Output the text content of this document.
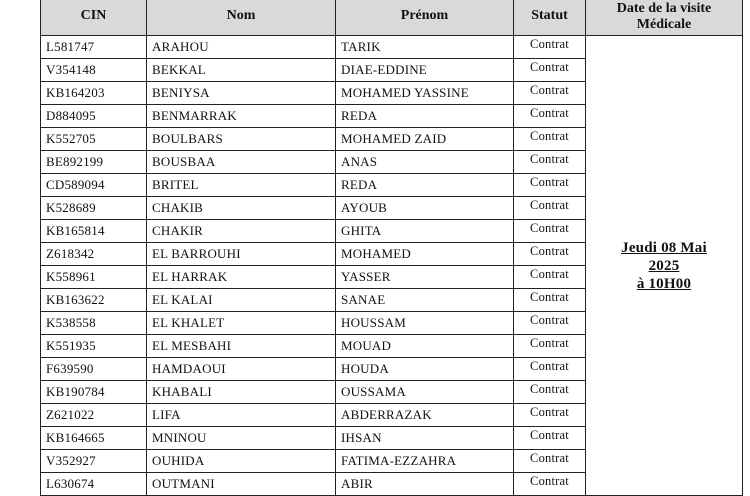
CIN	Nom	Prénom	Statut	Date de la visite
Médicale

L581747	ARAHOU	TARIK	Contrat	Jeudi 08 Mai
2025
à 10H00

V354148	BEKKAL	DIAE-EDDINE	Contrat	
KB164203	BENIYSA	MOHAMED YASSINE	Contrat	
D884095	BENMARRAK	REDA	Contrat	
K552705	BOULBARS	MOHAMED ZAID	Contrat	
BE892199	BOUSBAA	ANAS	Contrat	
CD589094	BRITEL	REDA	Contrat	
K528689	CHAKIB	AYOUB	Contrat	
KB165814	CHAKIR	GHITA	Contrat	
Z618342	EL BARROUHI	MOHAMED	Contrat	
K558961	EL HARRAK	YASSER	Contrat	
KB163622	EL KALAI	SANAE	Contrat	
K538558	EL KHALET	HOUSSAM	Contrat	
K551935	EL MESBAHI	MOUAD	Contrat	
F639590	HAMDAOUI	HOUDA	Contrat	
KB190784	KHABALI	OUSSAMA	Contrat	
Z621022	LIFA	ABDERRAZAK	Contrat	
KB164665	MNINOU	IHSAN	Contrat	
V352927	OUHIDA	FATIMA-EZZAHRA	Contrat	
L630674	OUTMANI	ABIR	Contrat	
